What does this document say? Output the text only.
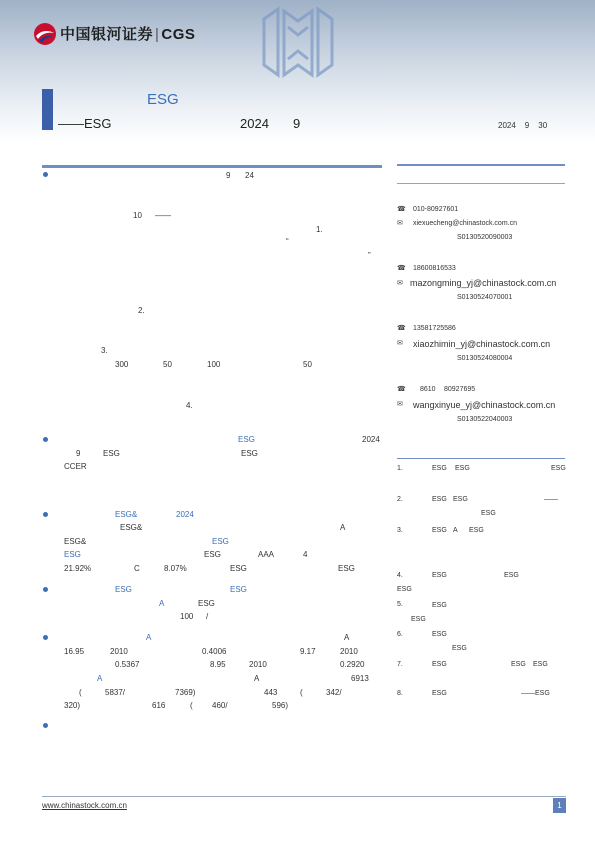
中国银河证券 | CGS
ESG
——ESG	2024 9	2024 9 30
9 24
10 ——
1.
“
”
2.
3.
300	50	100	50
4.
ESG	2024
9	ESG	ESG
CCER
ESG&	2024
ESG&	A
ESG&	ESG
ESG	ESG	AAA	4
21.92%	C	8.07%	ESG	ESG
ESG	ESG
A	ESG
100 /
A	A
16.95	2010	0.4006	9.17	2010
0.5367	8.95	2010	0.2920
A	A	6913
(	5837/	7369)	443	(	342/
320)	616	( 460/	596)
☎ 010-80927601
✉ xiexuecheng@chinastock.com.cn
S0130520090003
☎ 18600816533
✉ mazongming_yj@chinastock.com.cn
S0130524070001
☎ 13581725586
✉ xiaozhimin_yj@chinastock.com.cn
S0130524080004
☎ 8610 80927695
✉ wangxinyue_yj@chinastock.com.cn
S0130522040003
1.	ESG ESG	ESG
2.	ESG ESG	——
ESG
3.	ESG A ESG
4.	ESG	ESG
ESG
5.	ESG
ESG
6.	ESG
ESG
7.	ESG	ESG ESG
8.	ESG	——ESG
www.chinastock.com.cn	1
